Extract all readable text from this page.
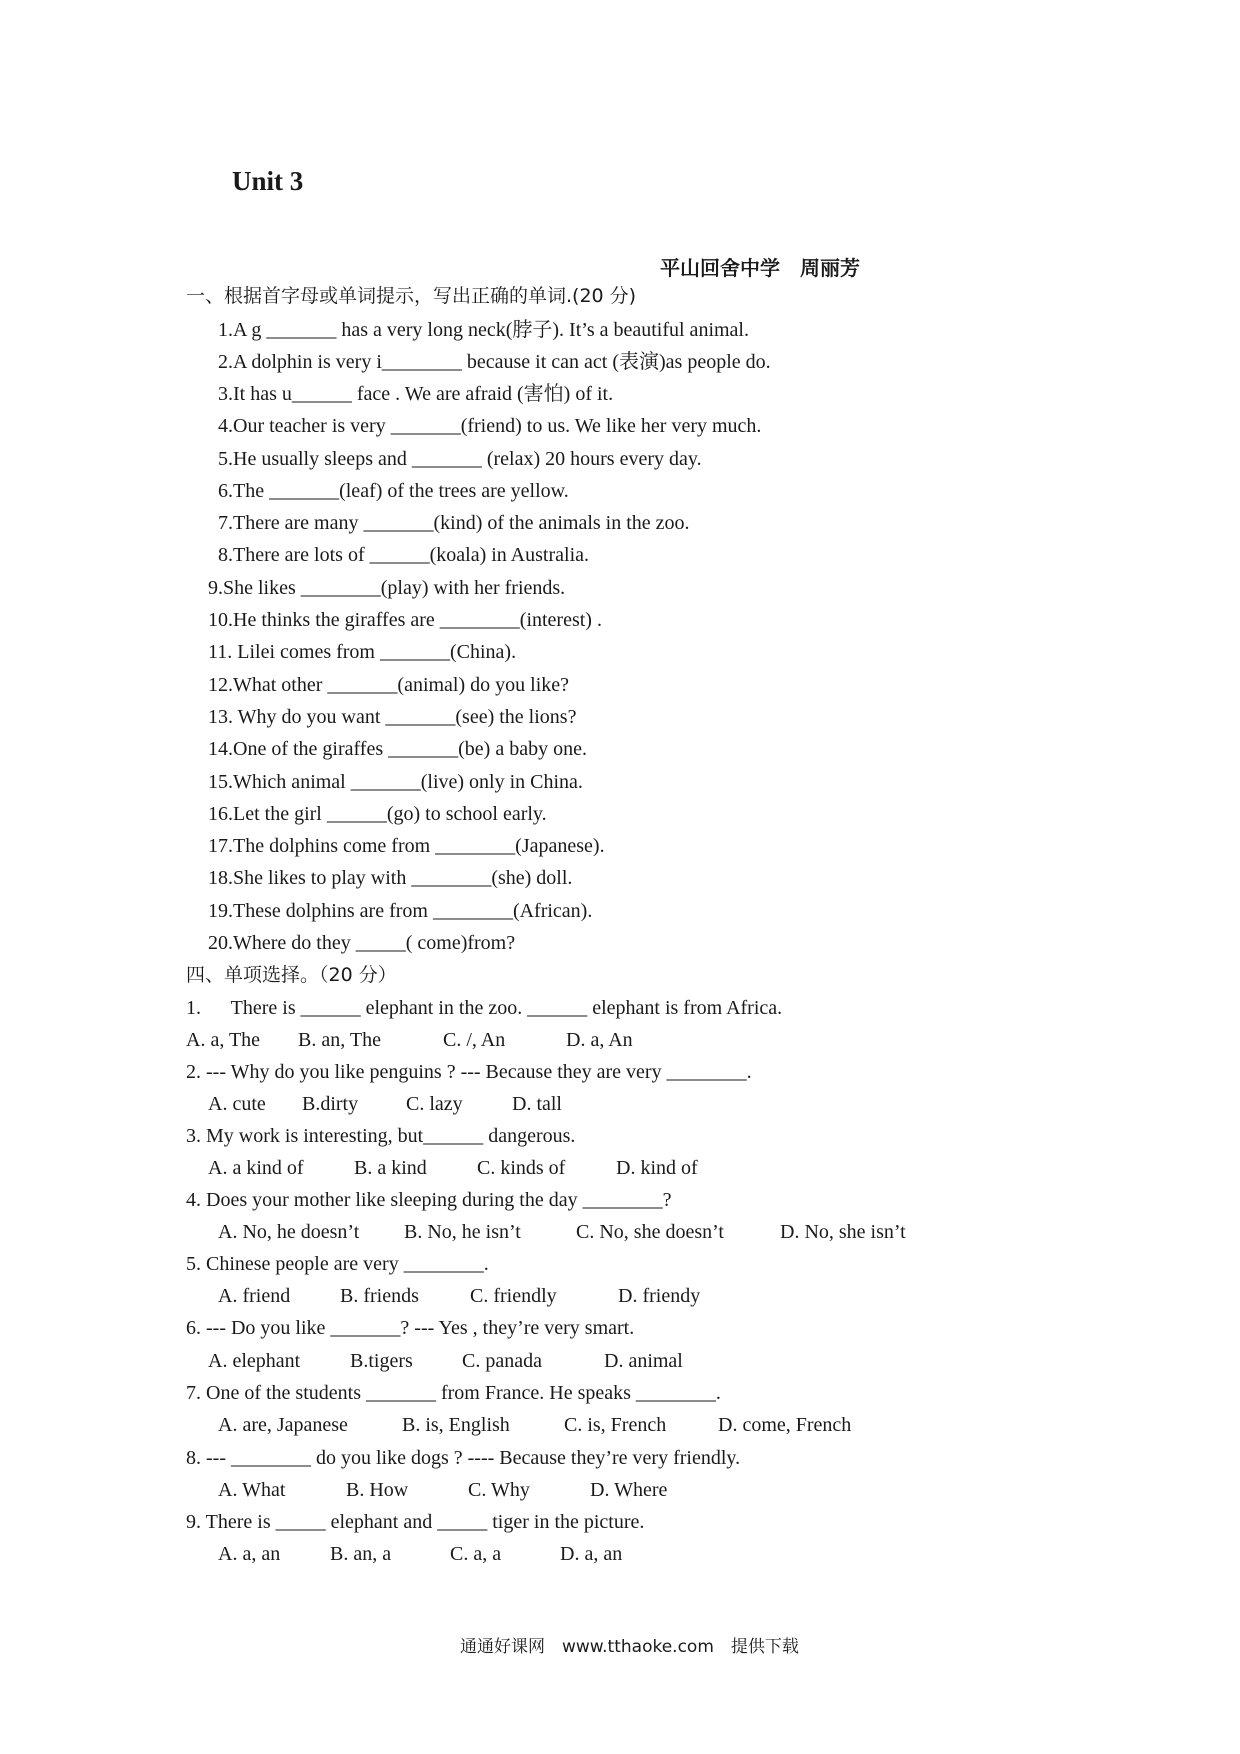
Unit 3
平山回舍中学　周丽芳
一、根据首字母或单词提示，写出正确的单词.(20 分)
1.A g _______ has a very long neck(脖子). It’s a beautiful animal.
2.A dolphin is very i________ because it can act (表演)as people do.
3.It has u______ face . We are afraid (害怕) of it.
4.Our teacher is very _______(friend) to us. We like her very much.
5.He usually sleeps and _______ (relax) 20 hours every day.
6.The _______(leaf) of the trees are yellow.
7.There are many _______(kind) of the animals in the zoo.
8.There are lots of ______(koala) in Australia.
9.She likes ________(play) with her friends.
10.He thinks the giraffes are ________(interest) .
11. Lilei comes from _______(China).
12.What other _______(animal) do you like?
13. Why do you want _______(see) the lions?
14.One of the giraffes _______(be) a baby one.
15.Which animal _______(live) only in China.
16.Let the girl ______(go) to school early.
17.The dolphins come from ________(Japanese).
18.She likes to play with ________(she) doll.
19.These dolphins are from ________(African).
20.Where do they _____( come)from?
四、单项选择。（20 分）
1.      There is ______ elephant in the zoo. ______ elephant is from Africa.
A. a, The B. an, The	C. /, An	D. a, An
2. --- Why do you like penguins ? --- Because they are very ________.
A. cute B.dirty C. lazy D. tall
3. My work is interesting, but______ dangerous.
A. a kind of	B. a kind	C. kinds of	D. kind of
4. Does your mother like sleeping during the day ________?
A. No, he doesn’t B. No, he isn’t	C. No, she doesn’t	D. No, she isn’t
5. Chinese people are very ________.
A. friend B. friends	C. friendly	D. friendy
6. --- Do you like _______? --- Yes , they’re very smart.
A. elephant B.tigers C. panada	D. animal
7. One of the students _______ from France. He speaks ________.
A. are, Japanese	B. is, English	C. is, French	D. come, French
8. --- ________ do you like dogs ? ---- Because they’re very friendly.
A. What	B. How	C. Why	D. Where
9. There is _____ elephant and _____ tiger in the picture.
A. a, an B. an, a	C. a, a	D. a, an
通通好课网　www.tthaoke.com　提供下载
